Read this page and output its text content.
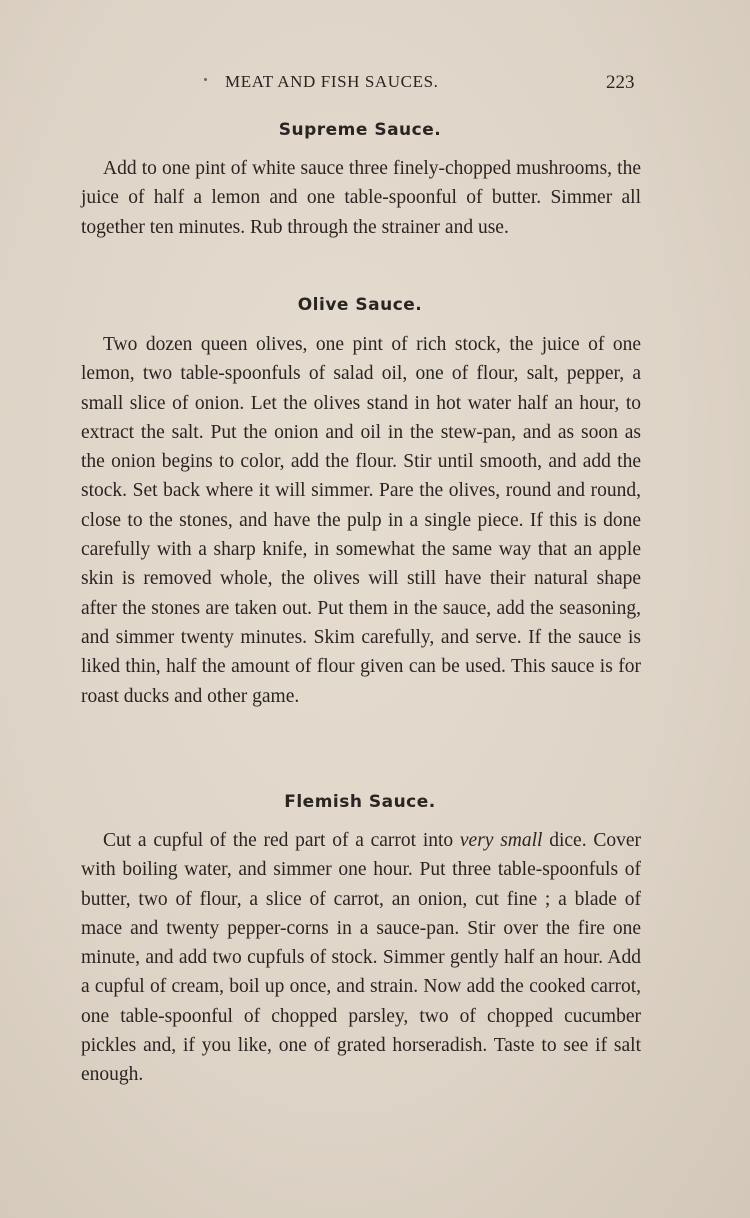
MEAT AND FISH SAUCES.	223
Supreme Sauce.

Add to one pint of white sauce three finely-chopped mushrooms, the juice of half a lemon and one table-spoonful of butter. Simmer all together ten minutes. Rub through the strainer and use.

Olive Sauce.

Two dozen queen olives, one pint of rich stock, the juice of one lemon, two table-spoonfuls of salad oil, one of flour, salt, pepper, a small slice of onion. Let the olives stand in hot water half an hour, to extract the salt. Put the onion and oil in the stew-pan, and as soon as the onion begins to color, add the flour. Stir until smooth, and add the stock. Set back where it will simmer. Pare the olives, round and round, close to the stones, and have the pulp in a single piece. If this is done carefully with a sharp knife, in somewhat the same way that an apple skin is removed whole, the olives will still have their natural shape after the stones are taken out. Put them in the sauce, add the seasoning, and simmer twenty minutes. Skim carefully, and serve. If the sauce is liked thin, half the amount of flour given can be used. This sauce is for roast ducks and other game.

Flemish Sauce.

Cut a cupful of the red part of a carrot into very small dice. Cover with boiling water, and simmer one hour. Put three table-spoonfuls of butter, two of flour, a slice of carrot, an onion, cut fine ; a blade of mace and twenty pepper-corns in a sauce-pan. Stir over the fire one minute, and add two cupfuls of stock. Simmer gently half an hour. Add a cupful of cream, boil up once, and strain. Now add the cooked carrot, one table-spoonful of chopped parsley, two of chopped cucumber pickles and, if you like, one of grated horseradish. Taste to see if salt enough.
